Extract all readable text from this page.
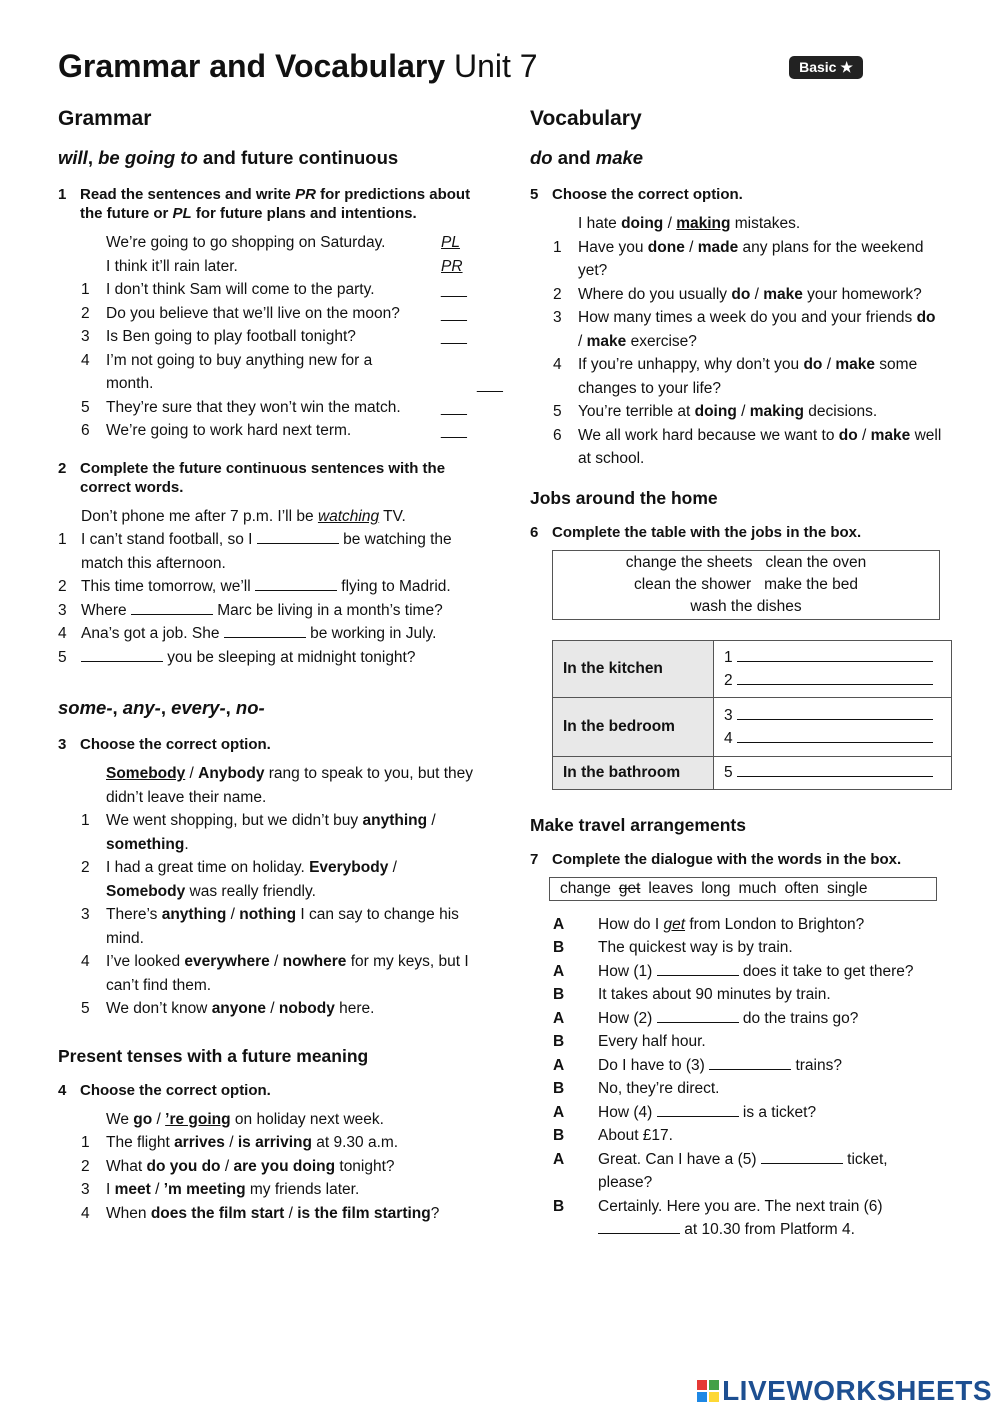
Grammar and Vocabulary Unit 7	Basic ★
Grammar
will, be going to and future continuous
1 Read the sentences and write PR for predictions about the future or PL for future plans and intentions.
We’re going to go shopping on Saturday.	PL
I think it’ll rain later.	PR
1 I don’t think Sam will come to the party.	___
2 Do you believe that we’ll live on the moon?	___
3 Is Ben going to play football tonight?	___
4 I’m not going to buy anything new for a month.	___
5 They’re sure that they won’t win the match.	___
6 We’re going to work hard next term.	___
2 Complete the future continuous sentences with the correct words.
Don’t phone me after 7 p.m. I’ll be watching TV.
1 I can’t stand football, so I	be watching the match this afternoon.
2 This time tomorrow, we’ll	flying to Madrid.
3 Where	Marc be living in a month’s time?
4 Ana’s got a job. She	be working in July.
5	you be sleeping at midnight tonight?
some-, any-, every-, no-
3 Choose the correct option.
Somebody / Anybody rang to speak to you, but they didn’t leave their name.
1 We went shopping, but we didn’t buy anything / something.
2 I had a great time on holiday. Everybody / Somebody was really friendly.
3 There’s anything / nothing I can say to change his mind.
4 I’ve looked everywhere / nowhere for my keys, but I can’t find them.
5 We don’t know anyone / nobody here.
Present tenses with a future meaning
4 Choose the correct option.
We go / ’re going on holiday next week.
1 The flight arrives / is arriving at 9.30 a.m.
2 What do you do / are you doing tonight?
3 I meet / ’m meeting my friends later.
4 When does the film start / is the film starting?
Vocabulary
do and make
5 Choose the correct option.
I hate doing / making mistakes.
1 Have you done / made any plans for the weekend yet?
2 Where do you usually do / make your homework?
3 How many times a week do you and your friends do / make exercise?
4 If you’re unhappy, why don’t you do / make some changes to your life?
5 You’re terrible at doing / making decisions.
6 We all work hard because we want to do / make well at school.
Jobs around the home
6 Complete the table with the jobs in the box.
change the sheets   clean the oven
clean the shower   make the bed
wash the dishes
In the kitchen	1
2

In the bedroom	3
4

In the bathroom	5
Make travel arrangements
7 Complete the dialogue with the words in the box.
change get leaves long much often single
A How do I get from London to Brighton?
B The quickest way is by train.
A How (1)	does it take to get there?
B It takes about 90 minutes by train.
A How (2)	do the trains go?
B Every half hour.
A Do I have to (3)	trains?
B No, they’re direct.
A How (4)	is a ticket?
B About £17.
A Great. Can I have a (5)	ticket, please?
B Certainly. Here you are. The next train (6)  at 10.30 from Platform 4.
LIVEWORKSHEETS
